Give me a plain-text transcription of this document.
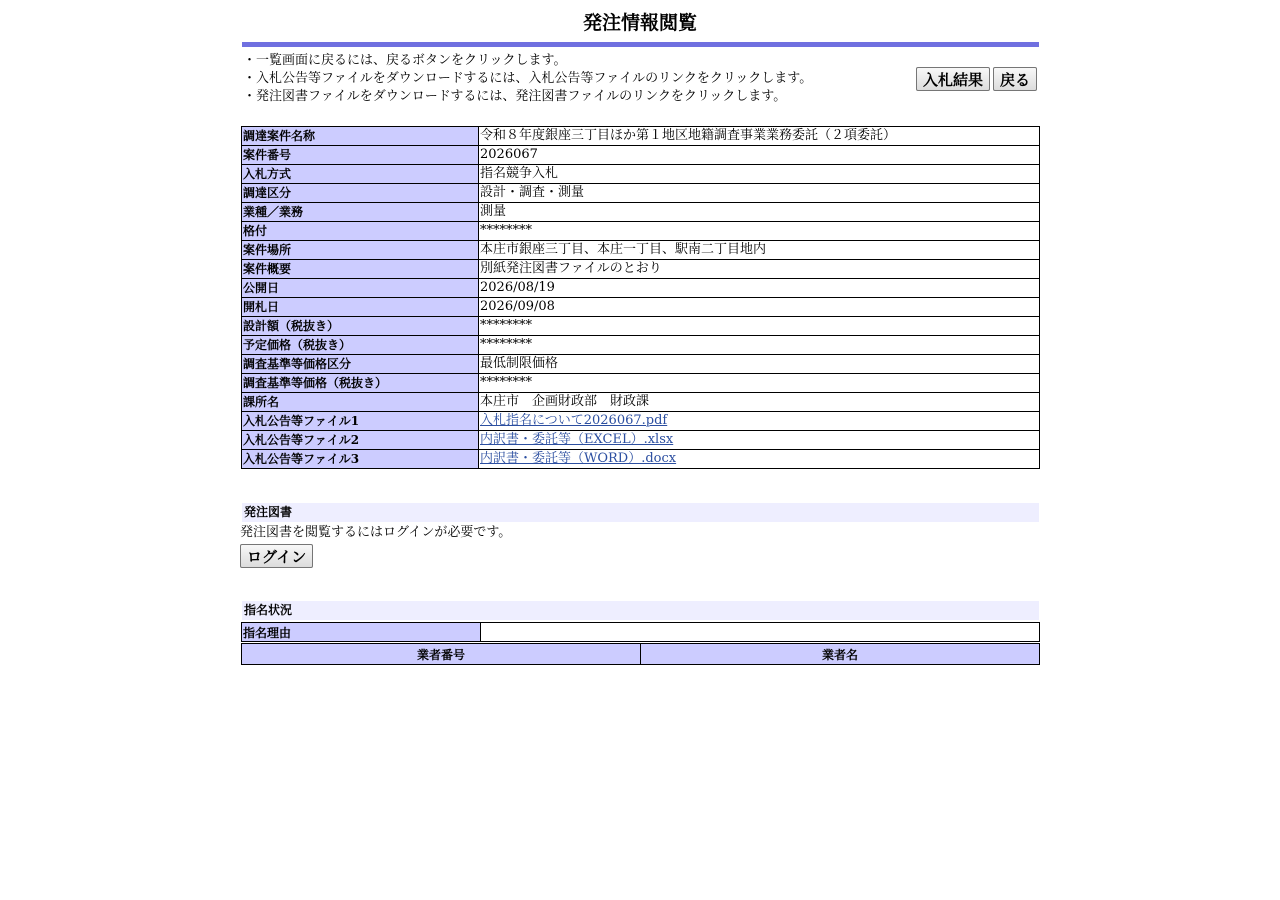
発注情報閲覧
・一覧画面に戻るには、戻るボタンをクリックします。
・入札公告等ファイルをダウンロードするには、入札公告等ファイルのリンクをクリックします。
・発注図書ファイルをダウンロードするには、発注図書ファイルのリンクをクリックします。
入札結果	戻る
調達案件名称	令和８年度銀座三丁目ほか第１地区地籍調査事業業務委託（２項委託）
案件番号	2026067
入札方式	指名競争入札
調達区分	設計・調査・測量
業種／業務	測量
格付	********
案件場所	本庄市銀座三丁目、本庄一丁目、駅南二丁目地内
案件概要	別紙発注図書ファイルのとおり
公開日	2026/08/19
開札日	2026/09/08
設計額（税抜き）	********
予定価格（税抜き）	********
調査基準等価格区分	最低制限価格
調査基準等価格（税抜き）	********
課所名	本庄市　企画財政部　財政課
入札公告等ファイル1	入札指名について2026067.pdf
入札公告等ファイル2	内訳書・委託等（EXCEL）.xlsx
入札公告等ファイル3	内訳書・委託等（WORD）.docx
発注図書
発注図書を閲覧するにはログインが必要です。
ログイン
指名状況
指名理由	
業者番号	業者名
